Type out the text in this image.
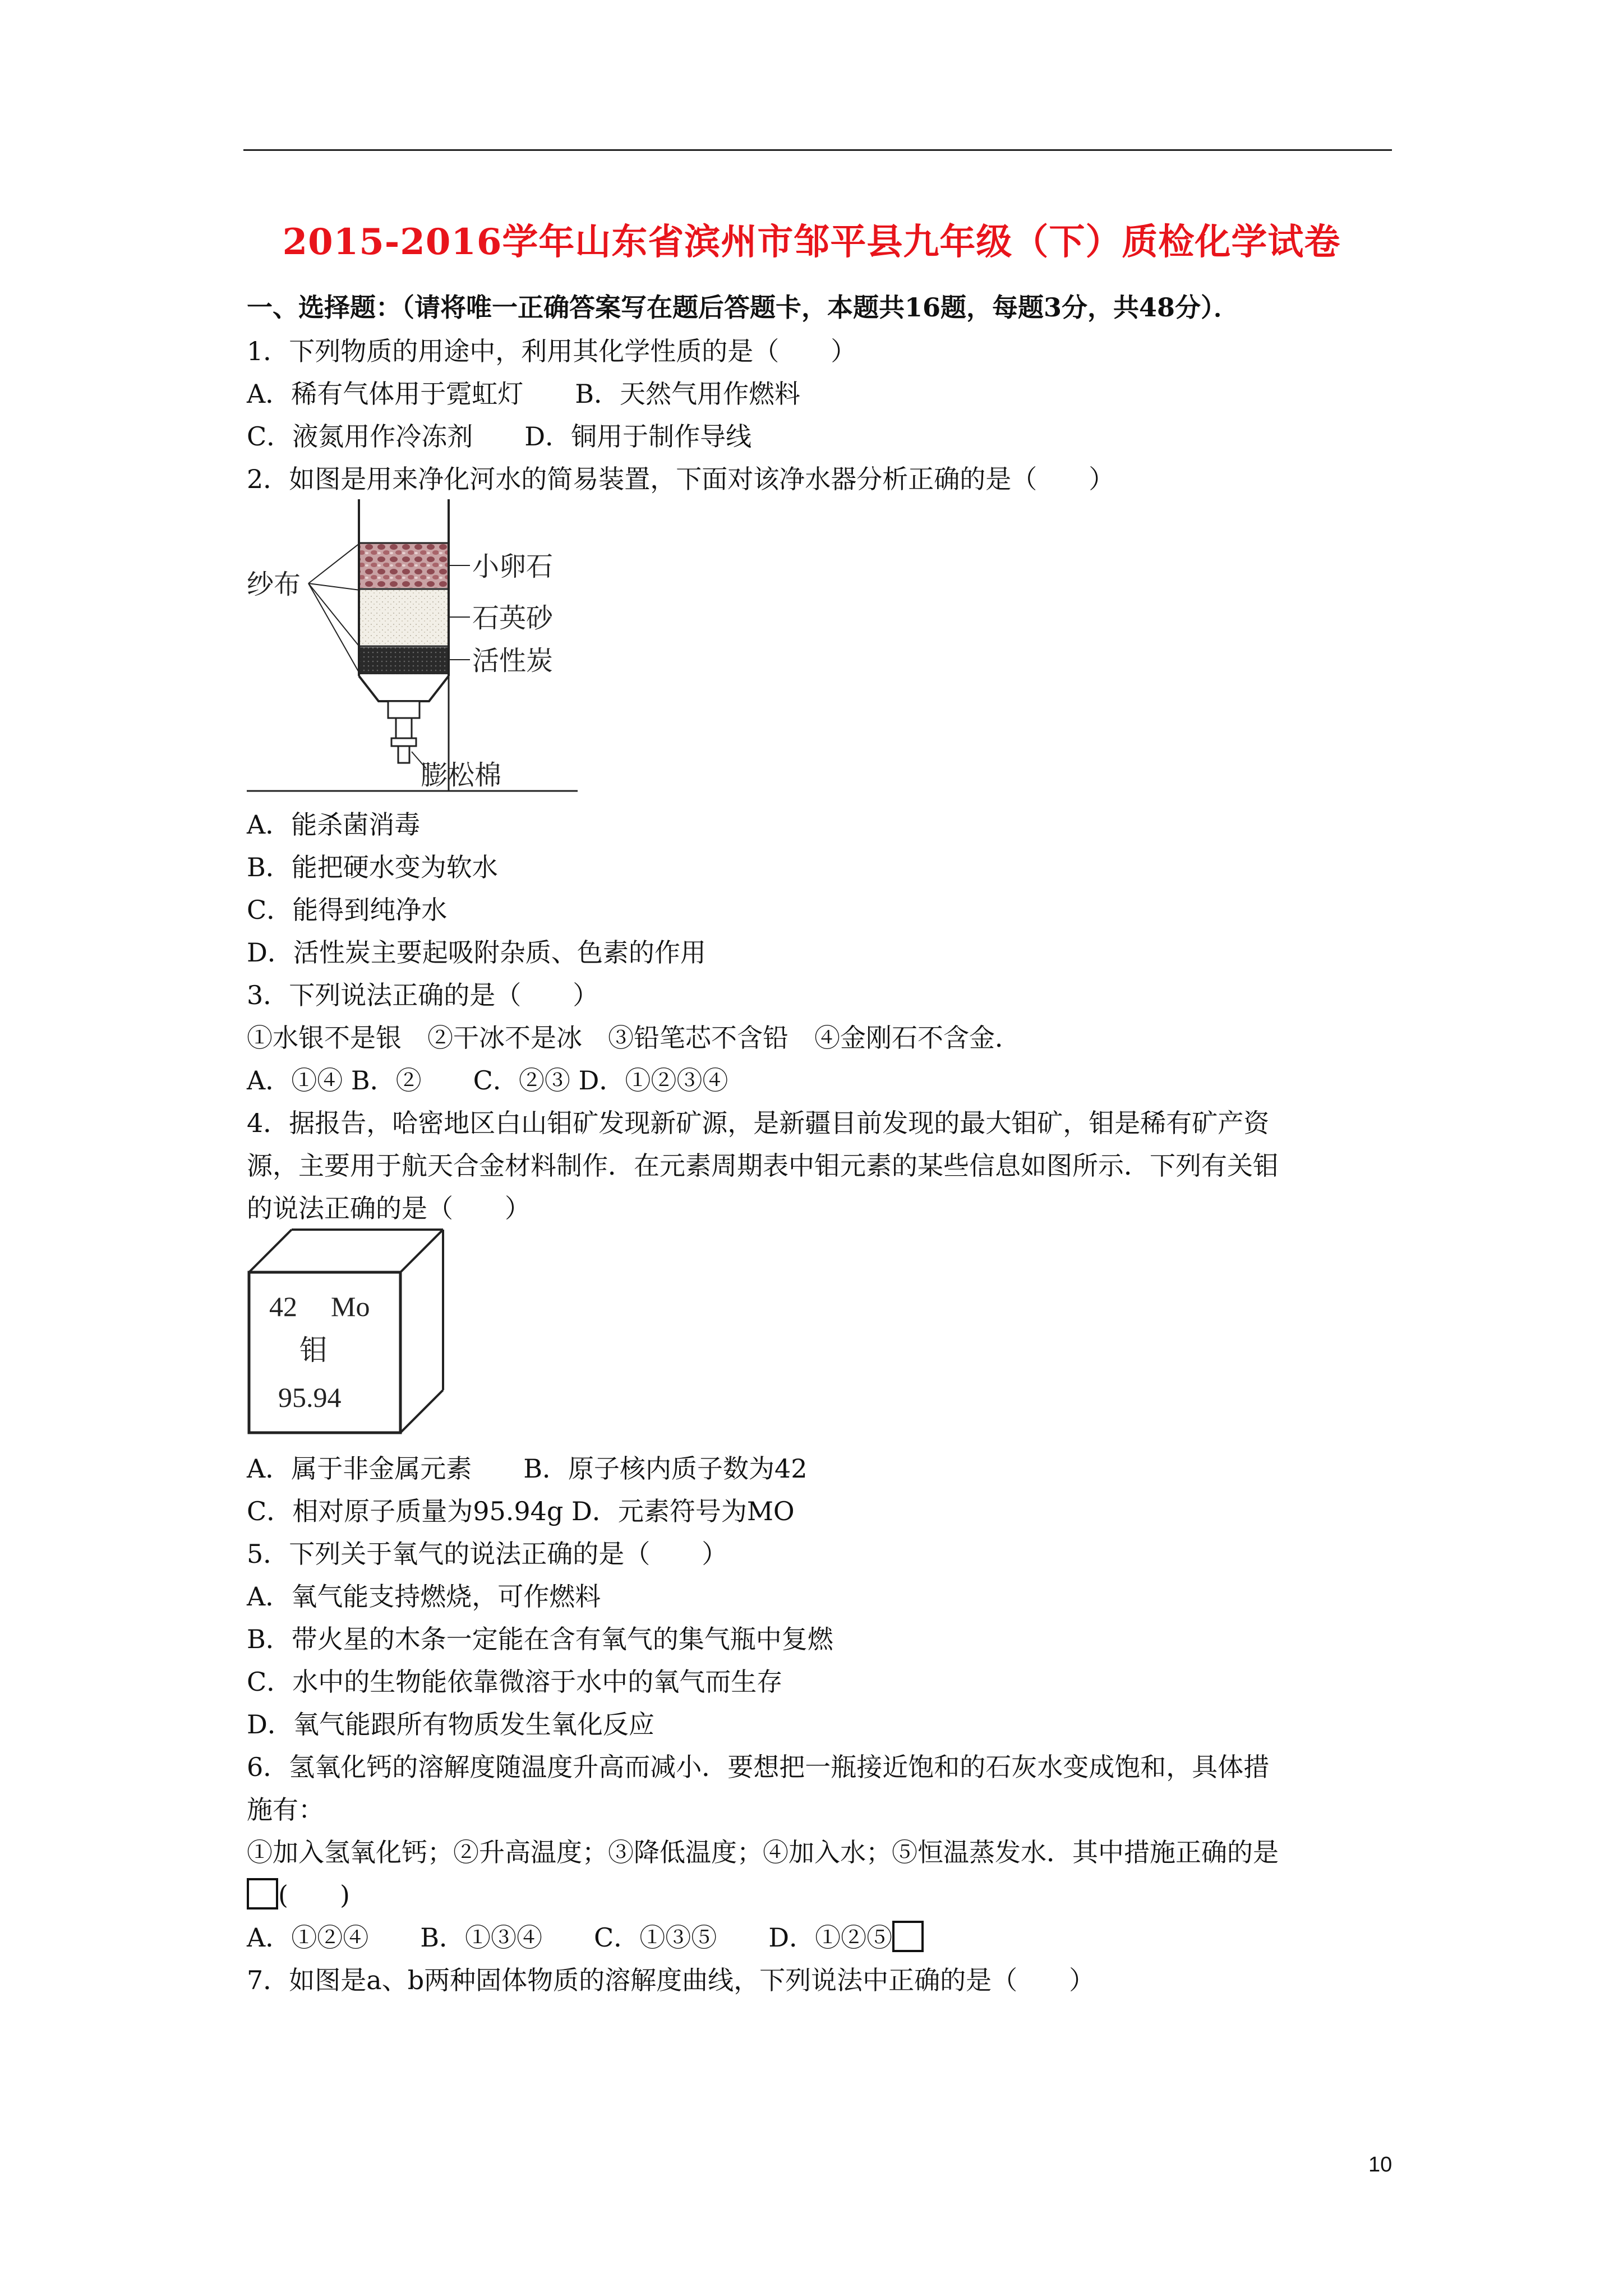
2015-2016学年山东省滨州市邹平县九年级（下）质检化学试卷
一、选择题：（请将唯一正确答案写在题后答题卡，本题共16题，每题3分，共48分）．
1．下列物质的用途中，利用其化学性质的是（　　）
A．稀有气体用于霓虹灯　　B．天然气用作燃料
C．液氮用作冷冻剂　　D．铜用于制作导线
2．如图是用来净化河水的简易装置，下面对该净水器分析正确的是（　　）
纱布
小卵石
石英砂
活性炭
膨松棉
A．能杀菌消毒
B．能把硬水变为软水
C．能得到纯净水
D．活性炭主要起吸附杂质、色素的作用
3．下列说法正确的是（　　）
①水银不是银　②干冰不是冰　③铅笔芯不含铅　④金刚石不含金．
A．①④ B．②　　C．②③ D．①②③④
4．据报告，哈密地区白山钼矿发现新矿源，是新疆目前发现的最大钼矿，钼是稀有矿产资
源，主要用于航天合金材料制作．在元素周期表中钼元素的某些信息如图所示．下列有关钼
的说法正确的是（　　）
42 Mo
钼
95.94
A．属于非金属元素　　B．原子核内质子数为42
C．相对原子质量为95.94g D．元素符号为MO
5．下列关于氧气的说法正确的是（　　）
A．氧气能支持燃烧，可作燃料
B．带火星的木条一定能在含有氧气的集气瓶中复燃
C．水中的生物能依靠微溶于水中的氧气而生存
D．氧气能跟所有物质发生氧化反应
6．氢氧化钙的溶解度随温度升高而减小．要想把一瓶接近饱和的石灰水变成饱和，具体措
施有：
①加入氢氧化钙；②升高温度；③降低温度；④加入水；⑤恒温蒸发水．其中措施正确的是
(　　)
A．①②④　　B．①③④　　C．①③⑤　　D．①②⑤
7．如图是a、b两种固体物质的溶解度曲线，下列说法中正确的是（　　）
10
